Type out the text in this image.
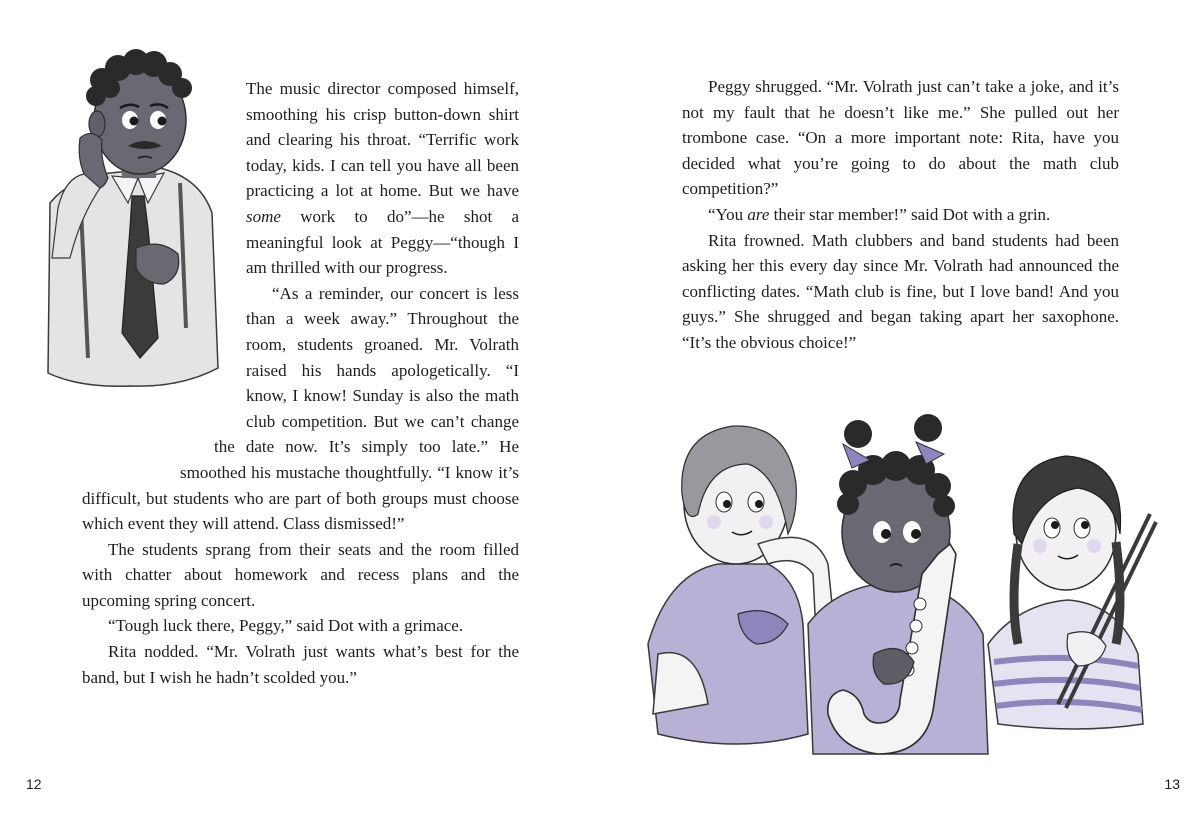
The music director composed himself, smoothing his crisp button-down shirt and clearing his throat. “Terrific work today, kids. I can tell you have all been practicing a lot at home. But we have some work to do”—he shot a meaningful look at Peggy—“though I am thrilled with our progress.

“As a reminder, our concert is less than a week away.” Throughout the room, students groaned. Mr. Volrath raised his hands apologetically. “I know, I know! Sunday is also the math club competition. But we can’t change the date now. It’s simply too late.” He smoothed his mustache thoughtfully. “I know it’s difficult, but students who are part of both groups must choose which event they will attend. Class dismissed!”

The students sprang from their seats and the room filled with chatter about homework and recess plans and the upcoming spring concert.

“Tough luck there, Peggy,” said Dot with a grimace.

Rita nodded. “Mr. Volrath just wants what’s best for the band, but I wish he hadn’t scolded you.”

12

Peggy shrugged. “Mr. Volrath just can’t take a joke, and it’s not my fault that he doesn’t like me.” She pulled out her trombone case. “On a more important note: Rita, have you decided what you’re going to do about the math club competition?”

“You are their star member!” said Dot with a grin.

Rita frowned. Math clubbers and band students had been asking her this every day since Mr. Volrath had announced the conflicting dates. “Math club is fine, but I love band! And you guys.” She shrugged and began taking apart her saxophone. “It’s the obvious choice!”

13
